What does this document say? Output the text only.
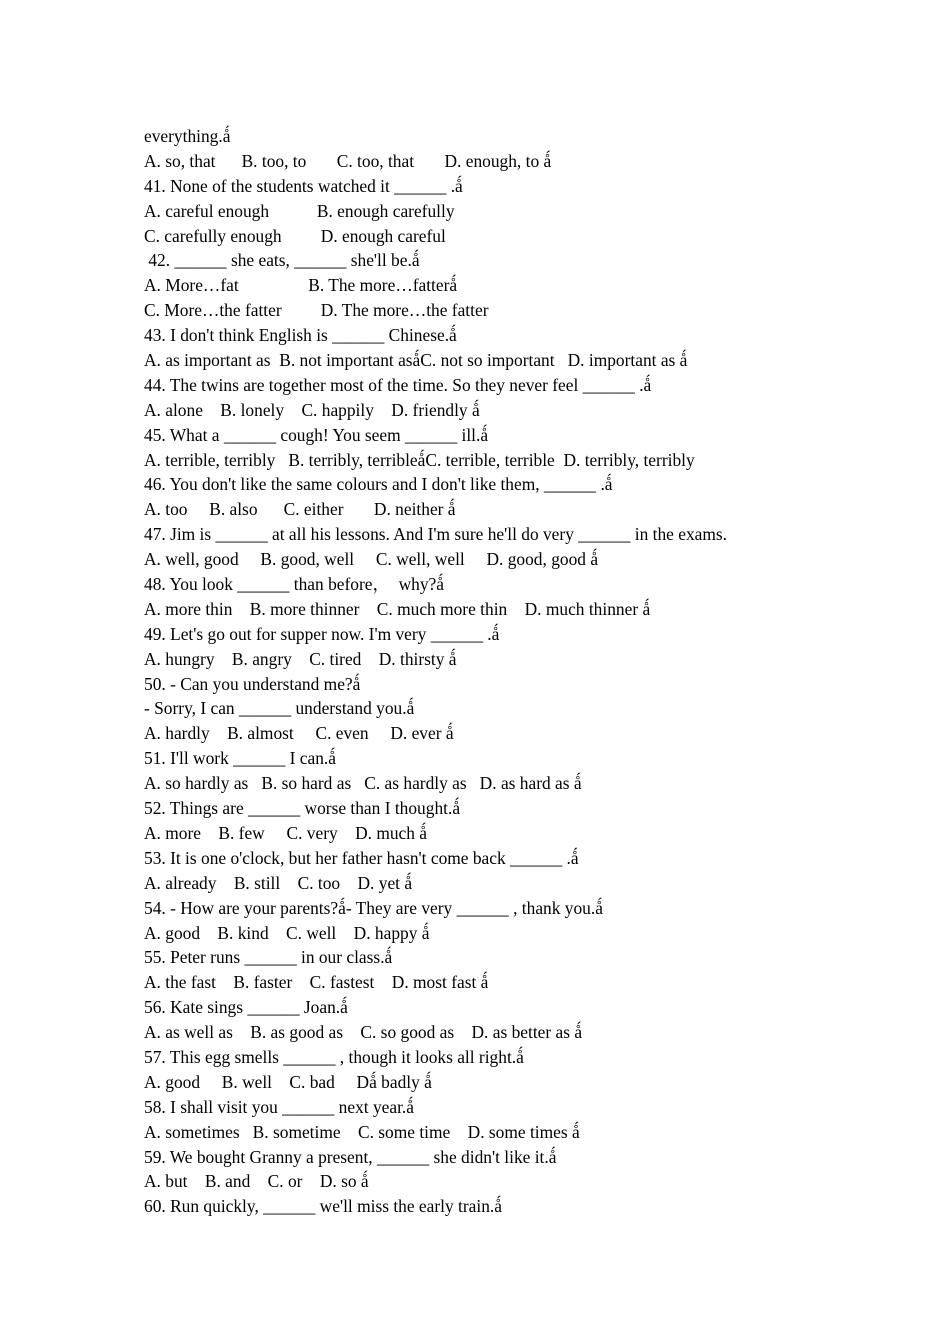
everything.ǻ
A. so, that      B. too, to       C. too, that       D. enough, to ǻ
41. None of the students watched it ______ .ǻ
A. careful enough           B. enough carefully
C. carefully enough         D. enough careful
42. ______ she eats, ______ she'll be.ǻ
A. More…fat                B. The more…fatterǻ
C. More…the fatter         D. The more…the fatter
43. I don't think English is ______ Chinese.ǻ
A. as important as  B. not important asǻC. not so important   D. important as ǻ
44. The twins are together most of the time. So they never feel ______ .ǻ
A. alone    B. lonely    C. happily    D. friendly ǻ
45. What a ______ cough! You seem ______ ill.ǻ
A. terrible, terribly   B. terribly, terribleǻC. terrible, terrible  D. terribly, terribly
46. You don't like the same colours and I don't like them, ______ .ǻ
A. too     B. also      C. either       D. neither ǻ
47. Jim is ______ at all his lessons. And I'm sure he'll do very ______ in the exams.
A. well, good     B. good, well     C. well, well     D. good, good ǻ
48. You look ______ than before，  why?ǻ
A. more thin    B. more thinner    C. much more thin    D. much thinner ǻ
49. Let's go out for supper now. I'm very ______ .ǻ
A. hungry    B. angry    C. tired    D. thirsty ǻ
50. - Can you understand me?ǻ
- Sorry, I can ______ understand you.ǻ
A. hardly    B. almost     C. even     D. ever ǻ
51. I'll work ______ I can.ǻ
A. so hardly as   B. so hard as   C. as hardly as   D. as hard as ǻ
52. Things are ______ worse than I thought.ǻ
A. more    B. few     C. very    D. much ǻ
53. It is one o'clock, but her father hasn't come back ______ .ǻ
A. already    B. still    C. too    D. yet ǻ
54. - How are your parents?ǻ- They are very ______ , thank you.ǻ
A. good    B. kind    C. well    D. happy ǻ
55. Peter runs ______ in our class.ǻ
A. the fast    B. faster    C. fastest    D. most fast ǻ
56. Kate sings ______ Joan.ǻ
A. as well as    B. as good as    C. so good as    D. as better as ǻ
57. This egg smells ______ , though it looks all right.ǻ
A. good     B. well    C. bad     Dǻ badly ǻ
58. I shall visit you ______ next year.ǻ
A. sometimes   B. sometime    C. some time    D. some times ǻ
59. We bought Granny a present, ______ she didn't like it.ǻ
A. but    B. and    C. or    D. so ǻ
60. Run quickly, ______ we'll miss the early train.ǻ
